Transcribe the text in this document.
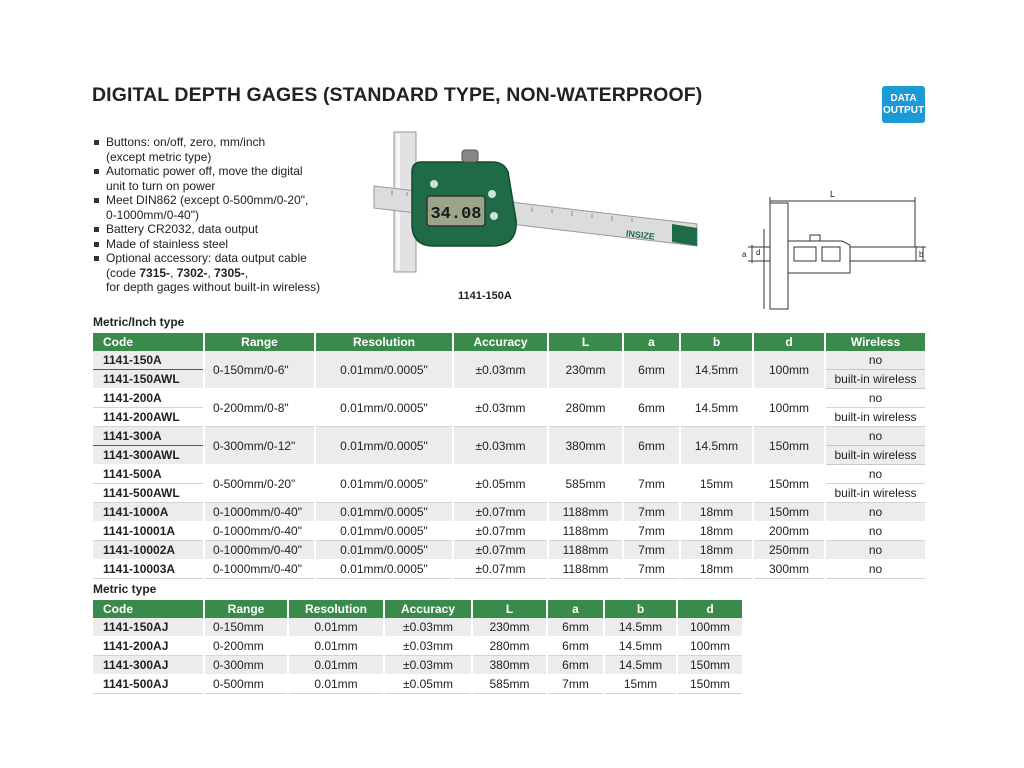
DIGITAL DEPTH GAGES (STANDARD TYPE, NON-WATERPROOF)	DATA
OUTPUT
Buttons: on/off, zero, mm/inch
(except metric type)
Automatic power off, move the digital
unit to turn on power
Meet DIN862 (except 0-500mm/0-20",
0-1000mm/0-40")
Battery CR2032, data output
Made of stainless steel
Optional accessory: data output cable
(code 7315-, 7302-, 7305-,
for depth gages without built-in wireless)
34.08
INSIZE
1141-150A
L
a d	b
Metric/Inch type
Code	Range	Resolution	Accuracy	L	a	b	d	Wireless
1141-150A	0-150mm/0-6"	0.01mm/0.0005"	±0.03mm	230mm	6mm	14.5mm	100mm	no
1141-150AWL								built-in wireless
1141-200A	0-200mm/0-8"	0.01mm/0.0005"	±0.03mm	280mm	6mm	14.5mm	100mm	no
1141-200AWL								built-in wireless
1141-300A	0-300mm/0-12"	0.01mm/0.0005"	±0.03mm	380mm	6mm	14.5mm	150mm	no
1141-300AWL								built-in wireless
1141-500A	0-500mm/0-20"	0.01mm/0.0005"	±0.05mm	585mm	7mm	15mm	150mm	no
1141-500AWL								built-in wireless
1141-1000A	0-1000mm/0-40"	0.01mm/0.0005"	±0.07mm	1188mm	7mm	18mm	150mm	no
1141-10001A	0-1000mm/0-40"	0.01mm/0.0005"	±0.07mm	1188mm	7mm	18mm	200mm	no
1141-10002A	0-1000mm/0-40"	0.01mm/0.0005"	±0.07mm	1188mm	7mm	18mm	250mm	no
1141-10003A	0-1000mm/0-40"	0.01mm/0.0005"	±0.07mm	1188mm	7mm	18mm	300mm	no
Metric type
Code	Range	Resolution	Accuracy	L	a	b	d
1141-150AJ	0-150mm	0.01mm	±0.03mm	230mm	6mm	14.5mm	100mm
1141-200AJ	0-200mm	0.01mm	±0.03mm	280mm	6mm	14.5mm	100mm
1141-300AJ	0-300mm	0.01mm	±0.03mm	380mm	6mm	14.5mm	150mm
1141-500AJ	0-500mm	0.01mm	±0.05mm	585mm	7mm	15mm	150mm
